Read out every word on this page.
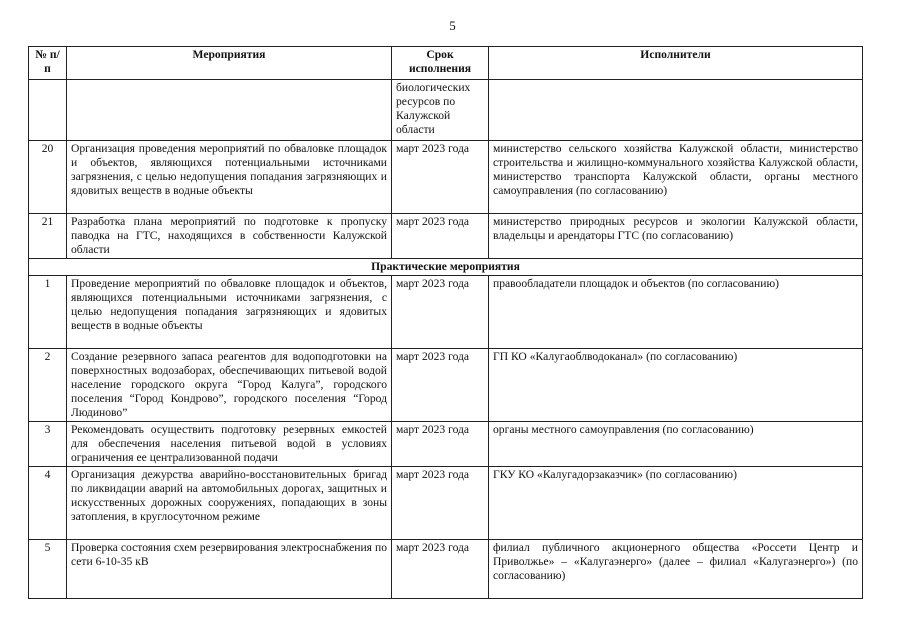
5
№ п/п	Мероприятия	Срок исполнения	Исполнители
		биологических ресурсов по Калужской области	
20	Организация проведения мероприятий по обваловке площадок и объектов, являющихся потенциальными источниками загрязнения, с целью недопущения попадания загрязняющих и ядовитых веществ в водные объекты	март 2023 года	министерство сельского хозяйства Калужской области, министерство строительства и жилищно-коммунального хозяйства Калужской области, министерство транспорта Калужской области, органы местного самоуправления (по согласованию)
21	Разработка плана мероприятий по подготовке к пропуску паводка на ГТС, находящихся в собственности Калужской области	март 2023 года	министерство природных ресурсов и экологии Калужской области, владельцы и арендаторы ГТС (по согласованию)
Практические мероприятия			
1	Проведение мероприятий по обваловке площадок и объектов, являющихся потенциальными источниками загрязнения, с целью недопущения попадания загрязняющих и ядовитых веществ в водные объекты	март 2023 года	правообладатели площадок и объектов (по согласованию)
2	Создание резервного запаса реагентов для водоподготовки на поверхностных водозаборах, обеспечивающих питьевой водой население городского округа “Город Калуга”, городского поселения “Город Кондрово”, городского поселения “Город Людиново”	март 2023 года	ГП КО «Калугаоблводоканал» (по согласованию)
3	Рекомендовать осуществить подготовку резервных емкостей для обеспечения населения питьевой водой в условиях ограничения ее централизованной подачи	март 2023 года	органы местного самоуправления (по согласованию)
4	Организация дежурства аварийно-восстановительных бригад по ликвидации аварий на автомобильных дорогах, защитных и искусственных дорожных сооружениях, попадающих в зоны затопления, в круглосуточном режиме	март 2023 года	ГКУ КО «Калугадорзаказчик» (по согласованию)
5	Проверка состояния схем резервирования электроснабжения по сети 6-10-35 кВ	март 2023 года	филиал публичного акционерного общества «Россети Центр и Приволжье» – «Калугаэнерго» (далее – филиал «Калугаэнерго») (по согласованию)
